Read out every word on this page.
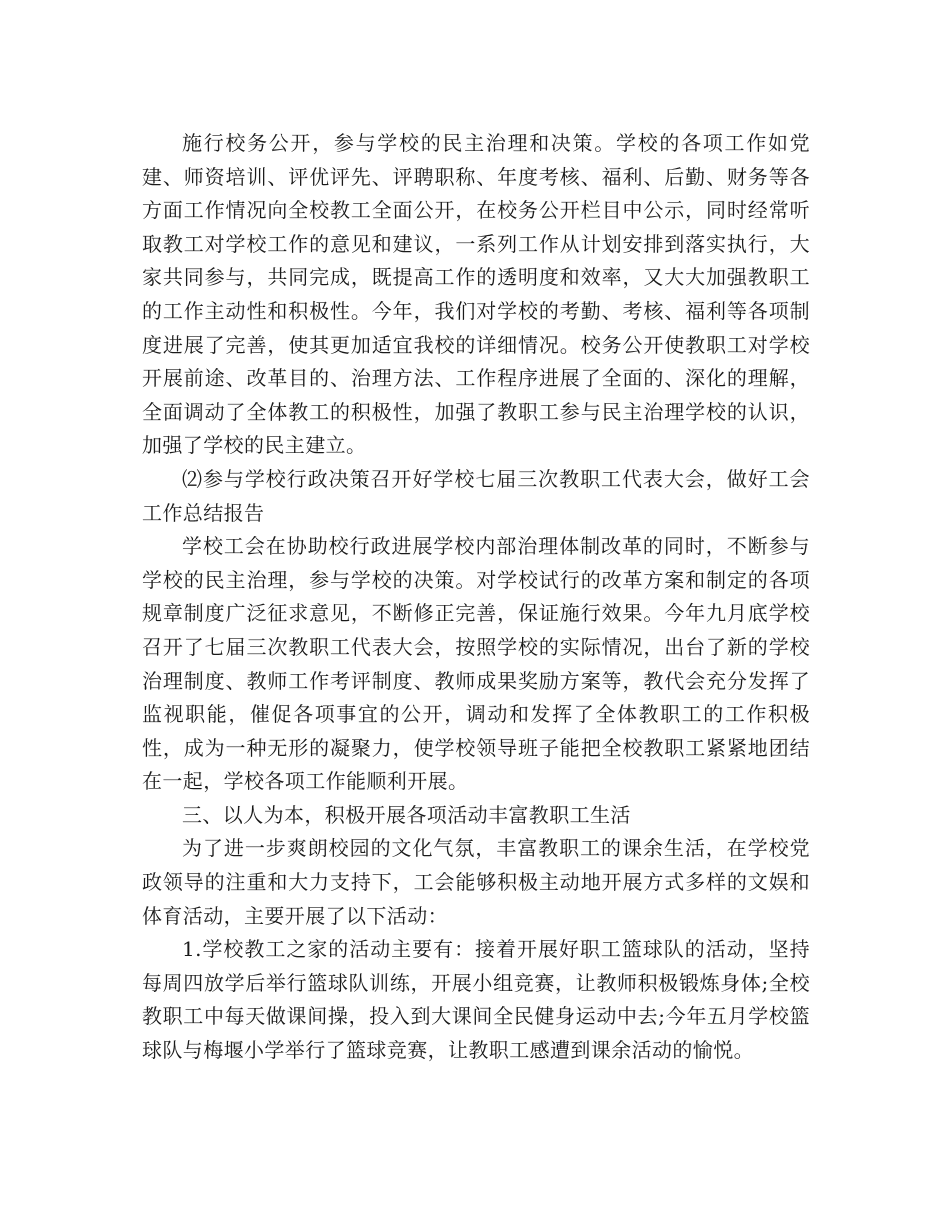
施行校务公开，参与学校的民主治理和决策。学校的各项工作如党建、师资培训、评优评先、评聘职称、年度考核、福利、后勤、财务等各方面工作情况向全校教工全面公开，在校务公开栏目中公示，同时经常听取教工对学校工作的意见和建议，一系列工作从计划安排到落实执行，大家共同参与，共同完成，既提高工作的透明度和效率，又大大加强教职工的工作主动性和积极性。今年，我们对学校的考勤、考核、福利等各项制度进展了完善，使其更加适宜我校的详细情况。校务公开使教职工对学校开展前途、改革目的、治理方法、工作程序进展了全面的、深化的理解，全面调动了全体教工的积极性，加强了教职工参与民主治理学校的认识，加强了学校的民主建立。

⑵参与学校行政决策召开好学校七届三次教职工代表大会，做好工会工作总结报告

学校工会在协助校行政进展学校内部治理体制改革的同时，不断参与学校的民主治理，参与学校的决策。对学校试行的改革方案和制定的各项规章制度广泛征求意见，不断修正完善，保证施行效果。今年九月底学校召开了七届三次教职工代表大会，按照学校的实际情况，出台了新的学校治理制度、教师工作考评制度、教师成果奖励方案等，教代会充分发挥了监视职能，催促各项事宜的公开，调动和发挥了全体教职工的工作积极性，成为一种无形的凝聚力，使学校领导班子能把全校教职工紧紧地团结在一起，学校各项工作能顺利开展。

三、以人为本，积极开展各项活动丰富教职工生活

为了进一步爽朗校园的文化气氛，丰富教职工的课余生活，在学校党政领导的注重和大力支持下，工会能够积极主动地开展方式多样的文娱和体育活动，主要开展了以下活动：

1.学校教工之家的活动主要有：接着开展好职工篮球队的活动，坚持每周四放学后举行篮球队训练，开展小组竞赛，让教师积极锻炼身体;全校教职工中每天做课间操，投入到大课间全民健身运动中去;今年五月学校篮球队与梅堰小学举行了篮球竞赛，让教职工感遭到课余活动的愉悦。
